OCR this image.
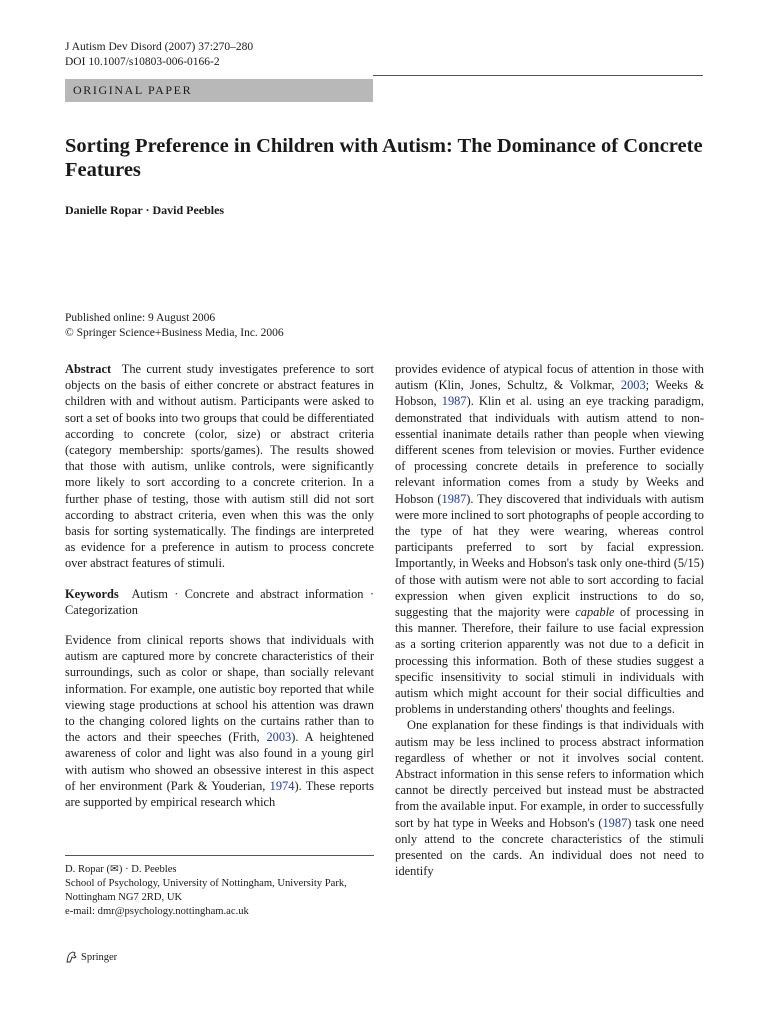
J Autism Dev Disord (2007) 37:270–280
DOI 10.1007/s10803-006-0166-2
ORIGINAL PAPER
Sorting Preference in Children with Autism: The Dominance of Concrete Features
Danielle Ropar · David Peebles
Published online: 9 August 2006
© Springer Science+Business Media, Inc. 2006

Abstract The current study investigates preference to sort objects on the basis of either concrete or abstract features in children with and without autism. Participants were asked to sort a set of books into two groups that could be differentiated according to concrete (color, size) or abstract criteria (category membership: sports/games). The results showed that those with autism, unlike controls, were significantly more likely to sort according to a concrete criterion. In a further phase of testing, those with autism still did not sort according to abstract criteria, even when this was the only basis for sorting systematically. The findings are interpreted as evidence for a preference in autism to process concrete over abstract features of stimuli.

Keywords Autism · Concrete and abstract information · Categorization

Evidence from clinical reports shows that individuals with autism are captured more by concrete characteristics of their surroundings, such as color or shape, than socially relevant information. For example, one autistic boy reported that while viewing stage productions at school his attention was drawn to the changing colored lights on the curtains rather than to the actors and their speeches (Frith, 2003). A heightened awareness of color and light was also found in a young girl with autism who showed an obsessive interest in this aspect of her environment (Park & Youderian, 1974). These reports are supported by empirical research which

provides evidence of atypical focus of attention in those with autism (Klin, Jones, Schultz, & Volkmar, 2003; Weeks & Hobson, 1987). Klin et al. using an eye tracking paradigm, demonstrated that individuals with autism attend to non-essential inanimate details rather than people when viewing different scenes from television or movies. Further evidence of processing concrete details in preference to socially relevant information comes from a study by Weeks and Hobson (1987). They discovered that individuals with autism were more inclined to sort photographs of people according to the type of hat they were wearing, whereas control participants preferred to sort by facial expression. Importantly, in Weeks and Hobson's task only one-third (5/15) of those with autism were not able to sort according to facial expression when given explicit instructions to do so, suggesting that the majority were capable of processing in this manner. Therefore, their failure to use facial expression as a sorting criterion apparently was not due to a deficit in processing this information. Both of these studies suggest a specific insensitivity to social stimuli in individuals with autism which might account for their social difficulties and problems in understanding others' thoughts and feelings.

One explanation for these findings is that individuals with autism may be less inclined to process abstract information regardless of whether or not it involves social content. Abstract information in this sense refers to information which cannot be directly perceived but instead must be abstracted from the available input. For example, in order to successfully sort by hat type in Weeks and Hobson's (1987) task one need only attend to the concrete characteristics of the stimuli presented on the cards. An individual does not need to identify

D. Ropar (✉) · D. Peebles
School of Psychology, University of Nottingham, University Park, Nottingham NG7 2RD, UK
e-mail: dmr@psychology.nottingham.ac.uk
Springer
